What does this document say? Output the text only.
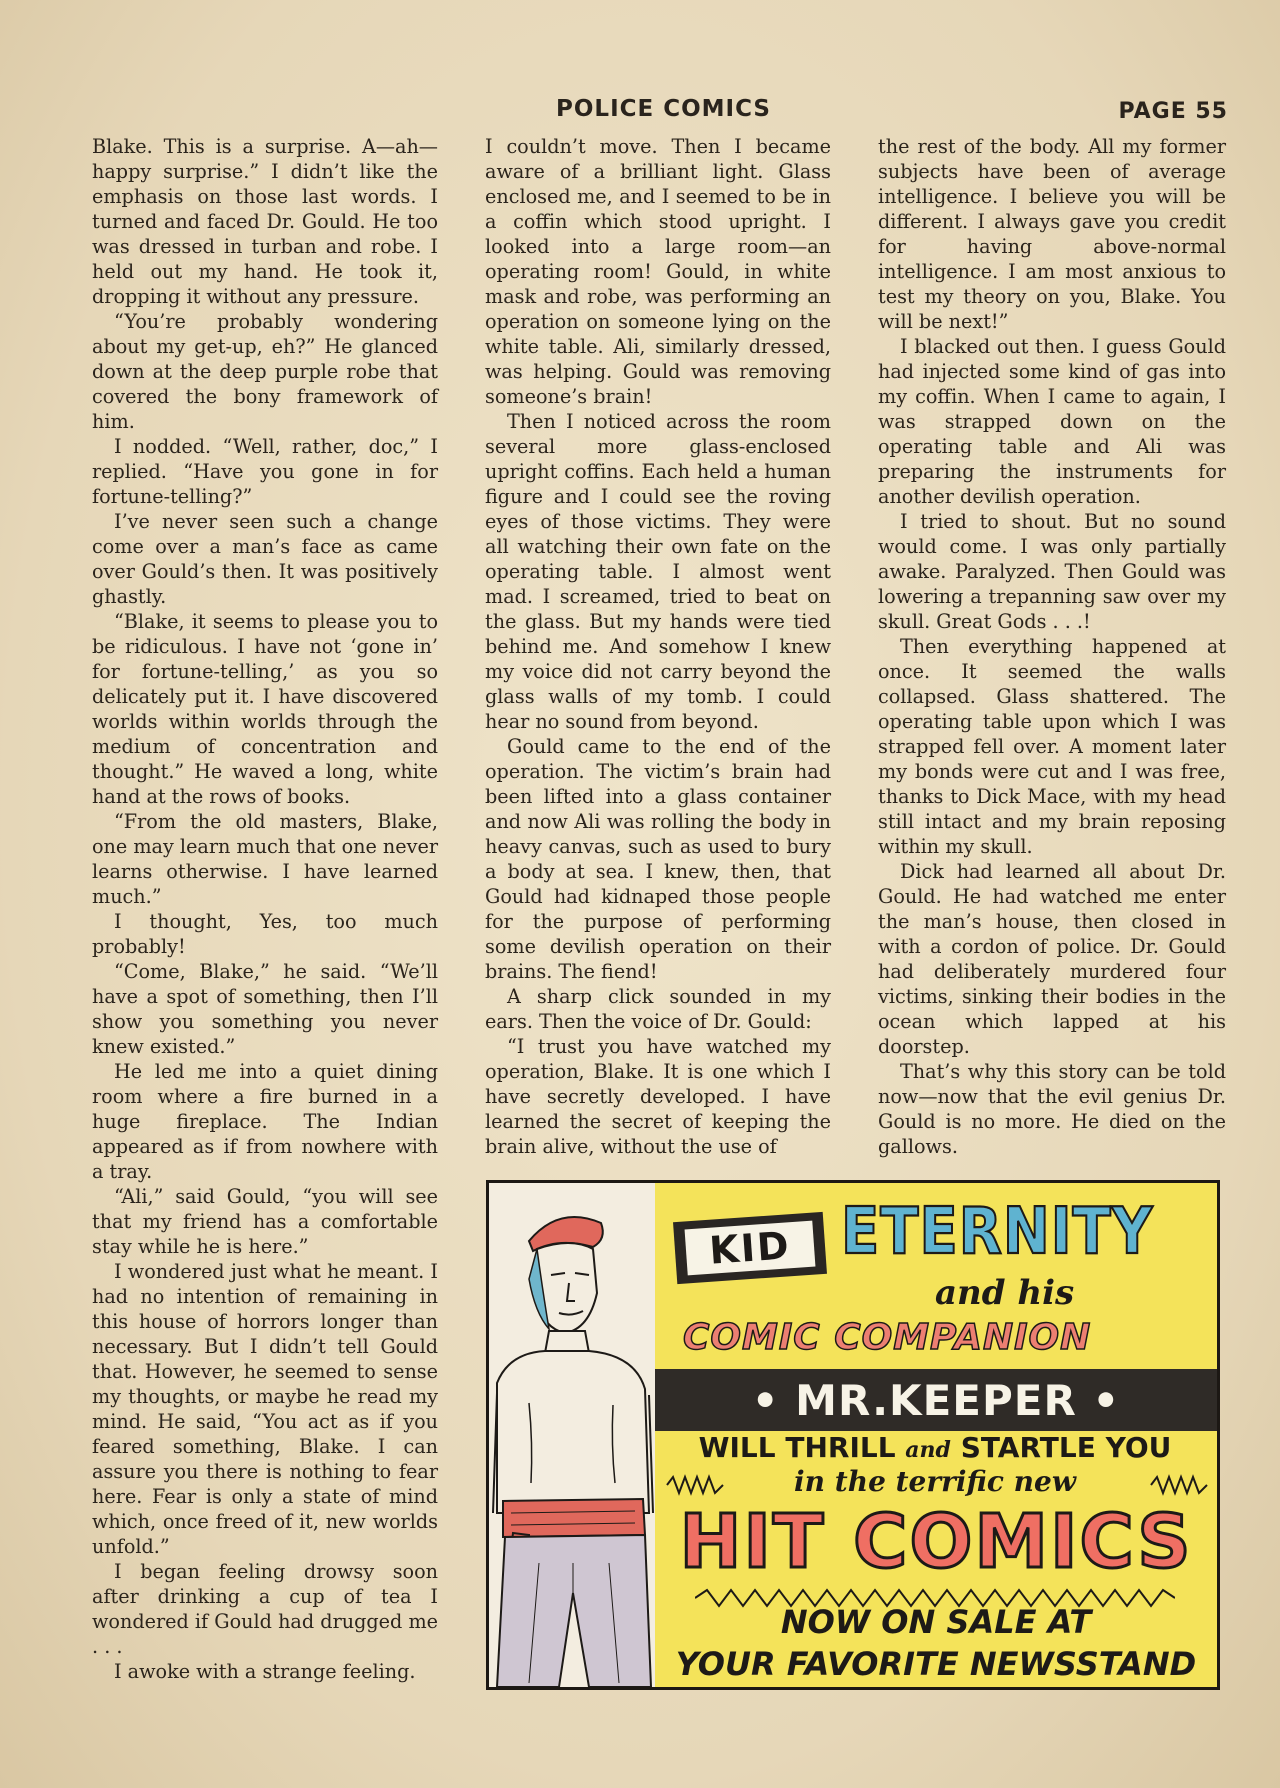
POLICE COMICS	PAGE 55

Blake. This is a surprise. A—ah—happy surprise.” I didn’t like the emphasis on those last words. I turned and faced Dr. Gould. He too was dressed in turban and robe. I held out my hand. He took it, dropping it without any pressure.

“You’re probably wondering about my get-up, eh?” He glanced down at the deep purple robe that covered the bony framework of him.

I nodded. “Well, rather, doc,” I replied. “Have you gone in for fortune-telling?”

I’ve never seen such a change come over a man’s face as came over Gould’s then. It was positively ghastly.

“Blake, it seems to please you to be ridiculous. I have not ‘gone in’ for fortune-telling,’ as you so delicately put it. I have discovered worlds within worlds through the medium of concentration and thought.” He waved a long, white hand at the rows of books.

“From the old masters, Blake, one may learn much that one never learns otherwise. I have learned much.”

I thought, Yes, too much probably!

“Come, Blake,” he said. “We’ll have a spot of something, then I’ll show you something you never knew existed.”

He led me into a quiet dining room where a fire burned in a huge fireplace. The Indian appeared as if from nowhere with a tray.

“Ali,” said Gould, “you will see that my friend has a comfortable stay while he is here.”

I wondered just what he meant. I had no intention of remaining in this house of horrors longer than necessary. But I didn’t tell Gould that. However, he seemed to sense my thoughts, or maybe he read my mind. He said, “You act as if you feared something, Blake. I can assure you there is nothing to fear here. Fear is only a state of mind which, once freed of it, new worlds unfold.”

I began feeling drowsy soon after drinking a cup of tea I wondered if Gould had drugged me . . .

I awoke with a strange feeling.

I couldn’t move. Then I became aware of a brilliant light. Glass enclosed me, and I seemed to be in a coffin which stood upright. I looked into a large room—an operating room! Gould, in white mask and robe, was performing an operation on someone lying on the white table. Ali, similarly dressed, was helping. Gould was removing someone’s brain!

Then I noticed across the room several more glass-enclosed upright coffins. Each held a human figure and I could see the roving eyes of those victims. They were all watching their own fate on the operating table. I almost went mad. I screamed, tried to beat on the glass. But my hands were tied behind me. And somehow I knew my voice did not carry beyond the glass walls of my tomb. I could hear no sound from beyond.

Gould came to the end of the operation. The victim’s brain had been lifted into a glass container and now Ali was rolling the body in heavy canvas, such as used to bury a body at sea. I knew, then, that Gould had kidnaped those people for the purpose of performing some devilish operation on their brains. The fiend!

A sharp click sounded in my ears. Then the voice of Dr. Gould:

“I trust you have watched my operation, Blake. It is one which I have secretly developed. I have learned the secret of keeping the brain alive, without the use of

the rest of the body. All my former subjects have been of average intelligence. I believe you will be different. I always gave you credit for having above-normal intelligence. I am most anxious to test my theory on you, Blake. You will be next!”

I blacked out then. I guess Gould had injected some kind of gas into my coffin. When I came to again, I was strapped down on the operating table and Ali was preparing the instruments for another devilish operation.

I tried to shout. But no sound would come. I was only partially awake. Paralyzed. Then Gould was lowering a trepanning saw over my skull. Great Gods . . .!

Then everything happened at once. It seemed the walls collapsed. Glass shattered. The operating table upon which I was strapped fell over. A moment later my bonds were cut and I was free, thanks to Dick Mace, with my head still intact and my brain reposing within my skull.

Dick had learned all about Dr. Gould. He had watched me enter the man’s house, then closed in with a cordon of police. Dr. Gould had deliberately murdered four victims, sinking their bodies in the ocean which lapped at his doorstep.

That’s why this story can be told now—now that the evil genius Dr. Gould is no more. He died on the gallows.

KID ETERNITY
and his
COMIC COMPANION
• MR.KEEPER •
WILL THRILL and STARTLE YOU
in the terrific new
HIT COMICS
NOW ON SALE AT
YOUR FAVORITE NEWSSTAND
